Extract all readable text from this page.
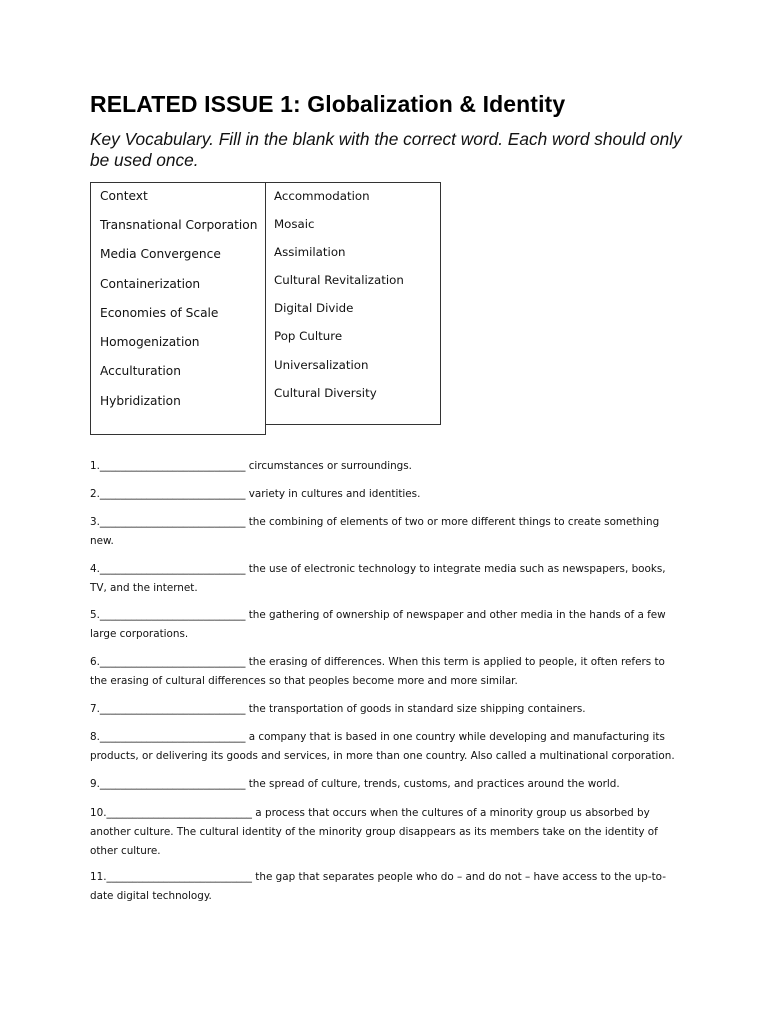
RELATED ISSUE 1: Globalization & Identity
Key Vocabulary. Fill in the blank with the correct word. Each word should only be used once.
Context
Transnational Corporation
Media Convergence
Containerization
Economies of Scale
Homogenization
Acculturation
Hybridization
Accommodation
Mosaic
Assimilation
Cultural Revitalization
Digital Divide
Pop Culture
Universalization
Cultural Diversity
1.____________________________ circumstances or surroundings.
2.____________________________ variety in cultures and identities.
3.____________________________ the combining of elements of two or more different things to create something new.
4.____________________________ the use of electronic technology to integrate media such as newspapers, books, TV, and the internet.
5.____________________________ the gathering of ownership of newspaper and other media in the hands of a few large corporations.
6.____________________________ the erasing of differences. When this term is applied to people, it often refers to the erasing of cultural differences so that peoples become more and more similar.
7.____________________________ the transportation of goods in standard size shipping containers.
8.____________________________ a company that is based in one country while developing and manufacturing its products, or delivering its goods and services, in more than one country. Also called a multinational corporation.
9.____________________________ the spread of culture, trends, customs, and practices around the world.
10.____________________________ a process that occurs when the cultures of a minority group us absorbed by another culture. The cultural identity of the minority group disappears as its members take on the identity of other culture.
11.____________________________ the gap that separates people who do – and do not – have access to the up-to-date digital technology.
